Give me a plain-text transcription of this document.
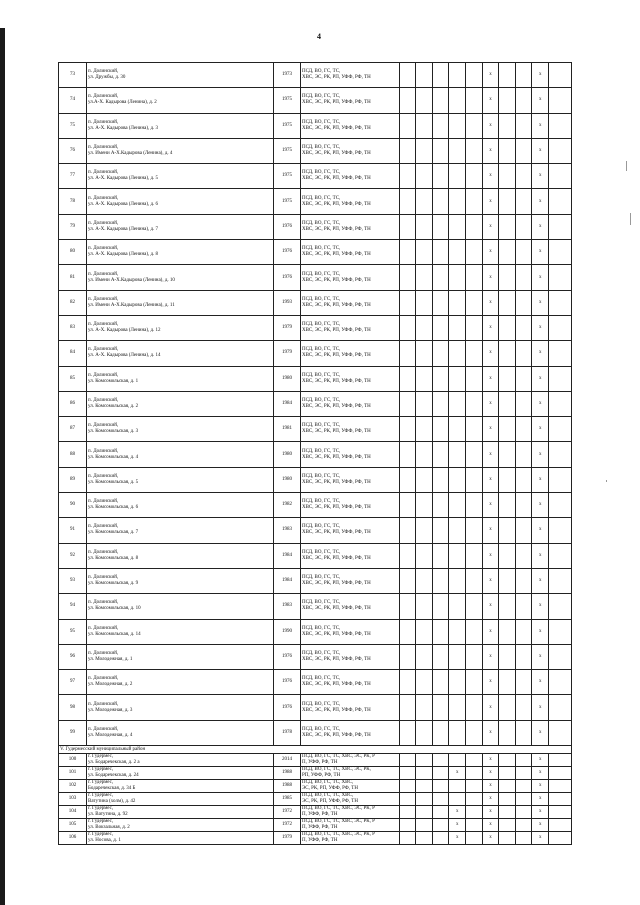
4
73	п. Долинский,
ул. Дружбы, д. 30	1973	ПСД, ВО, ГС, ТС,
ХВС, ЭС, РК, РП, УФФ, РФ, ТН						х			х	
74	п. Долинский,
ул.А-Х. Кадырова (Ленина), д. 2	1975	ПСД, ВО, ГС, ТС,
ХВС, ЭС, РК, РП, УФФ, РФ, ТН						х			х	
75	п. Долинский,
ул. А-Х. Кадырова (Ленина), д. 3	1975	ПСД, ВО, ГС, ТС,
ХВС, ЭС, РК, РП, УФФ, РФ, ТН						х			х	
76	п. Долинский,
ул. Имени А-Х.Кадырова (Ленина), д. 4	1975	ПСД, ВО, ГС, ТС,
ХВС, ЭС, РК, РП, УФФ, РФ, ТН						х			х	
77	п. Долинский,
ул. А-Х. Кадырова (Ленина), д. 5	1975	ПСД, ВО, ГС, ТС,
ХВС, ЭС, РК, РП, УФФ, РФ, ТН						х			х	
78	п. Долинский,
ул. А-Х. Кадырова (Ленина), д. 6	1975	ПСД, ВО, ГС, ТС,
ХВС, ЭС, РК, РП, УФФ, РФ, ТН						х			х	
79	п. Долинский,
ул. А-Х. Кадырова (Ленина), д. 7	1976	ПСД, ВО, ГС, ТС,
ХВС, ЭС, РК, РП, УФФ, РФ, ТН						х			х	
80	п. Долинский,
ул. А-Х. Кадырова (Ленина), д. 8	1976	ПСД, ВО, ГС, ТС,
ХВС, ЭС, РК, РП, УФФ, РФ, ТН						х			х	
81	п. Долинский,
ул. Имени А-Х.Кадырова (Ленина), д. 10	1976	ПСД, ВО, ГС, ТС,
ХВС, ЭС, РК, РП, УФФ, РФ, ТН						х			х	
82	п. Долинский,
ул. Имени А-Х.Кадырова (Ленина), д. 11	1993	ПСД, ВО, ГС, ТС,
ХВС, ЭС, РК, РП, УФФ, РФ, ТН						х			х	
83	п. Долинский,
ул. А-Х. Кадырова (Ленина), д. 12	1979	ПСД, ВО, ГС, ТС,
ХВС, ЭС, РК, РП, УФФ, РФ, ТН						х			х	
84	п. Долинский,
ул. А-Х. Кадырова (Ленина), д. 14	1979	ПСД, ВО, ГС, ТС,
ХВС, ЭС, РК, РП, УФФ, РФ, ТН						х			х	
85	п. Долинский,
ул. Комсомольская, д. 1	1980	ПСД, ВО, ГС, ТС,
ХВС, ЭС, РК, РП, УФФ, РФ, ТН						х			х	
86	п. Долинский,
ул. Комсомольская, д. 2	1984	ПСД, ВО, ГС, ТС,
ХВС, ЭС, РК, РП, УФФ, РФ, ТН						х			х	
87	п. Долинский,
ул. Комсомольская, д. 3	1981	ПСД, ВО, ГС, ТС,
ХВС, ЭС, РК, РП, УФФ, РФ, ТН						х			х	
88	п. Долинский,
ул. Комсомольская, д. 4	1980	ПСД, ВО, ГС, ТС,
ХВС, ЭС, РК, РП, УФФ, РФ, ТН						х			х	
89	п. Долинский,
ул. Комсомольская, д. 5	1980	ПСД, ВО, ГС, ТС,
ХВС, ЭС, РК, РП, УФФ, РФ, ТН						х			х	
90	п. Долинский,
ул. Комсомольская, д. 6	1982	ПСД, ВО, ГС, ТС,
ХВС, ЭС, РК, РП, УФФ, РФ, ТН						х			х	
91	п. Долинский,
ул. Комсомольская, д. 7	1983	ПСД, ВО, ГС, ТС,
ХВС, ЭС, РК, РП, УФФ, РФ, ТН						х			х	
92	п. Долинский,
ул. Комсомольская, д. 8	1984	ПСД, ВО, ГС, ТС,
ХВС, ЭС, РК, РП, УФФ, РФ, ТН						х			х	
93	п. Долинский,
ул. Комсомольская, д. 9	1984	ПСД, ВО, ГС, ТС,
ХВС, ЭС, РК, РП, УФФ, РФ, ТН						х			х	
94	п. Долинский,
ул. Комсомольская, д. 10	1983	ПСД, ВО, ГС, ТС,
ХВС, ЭС, РК, РП, УФФ, РФ, ТН						х			х	
95	п. Долинский,
ул. Комсомольская, д. 14	1990	ПСД, ВО, ГС, ТС,
ХВС, ЭС, РК, РП, УФФ, РФ, ТН						х			х	
96	п. Долинский,
ул. Молодежная, д. 1	1976	ПСД, ВО, ГС, ТС,
ХВС, ЭС, РК, РП, УФФ, РФ, ТН						х			х	
97	п. Долинский,
ул. Молодежная, д. 2	1976	ПСД, ВО, ГС, ТС,
ХВС, ЭС, РК, РП, УФФ, РФ, ТН						х			х	
98	п. Долинский,
ул. Молодежная, д. 3	1976	ПСД, ВО, ГС, ТС,
ХВС, ЭС, РК, РП, УФФ, РФ, ТН						х			х	
99	п. Долинский,
ул. Молодежная, д. 4	1978	ПСД, ВО, ГС, ТС,
ХВС, ЭС, РК, РП, УФФ, РФ, ТН						х			х	
V. Гудермесский муниципальный район													
100	г. Гудермес,
ул. Бодаречекская, д. 2 а	2014	ПСД, ВО, ГС, ТС, ХВС, ЭС, РК, Р
П, УФФ, РФ, ТН						х			х	
101	г. Гудермес,
ул. Бодаречекская, д. 24	1988	ПСД, ВО, ГС, ТС, ХВС, ЭС, РК,
РП, УФФ, РФ, ТН				х		х			х	
102	г. Гудермес,
Бодаречекская, д. 34 Б	1988	ПСД, ВО, ГС, ТС, ХВС,
ЭС, РК, РП, УФФ, РФ, ТН						х			х	
103	г. Гудермес,
Ватутина (холм), д. 42	1985	ПСД, ВО, ГС, ТС, ХВС,
ЭС, РК, РП, УФФ, РФ, ТН						х			х	
104	г. Гудермес,
ул. Ватутина, д. 92	1972	ПСД, ВО, ГС, ТС, ХВС, ЭС, РК, Р
П, УФФ, РФ, ТН				х		х			х	
105	г. Гудермес,
ул. Вокзальная, д. 2	1972	ПСД, ВО, ГС, ТС, ХВС, ЭС, РК, Р
П, УФФ, РФ, ТН				х		х			х	
106	г. Гудермес,
ул. Носова, д. 1	1979	ПСД, ВО, ГС, ТС, ХВС, ЭС, РК, Р
П, УФФ, РФ, ТН				х		х			х	
